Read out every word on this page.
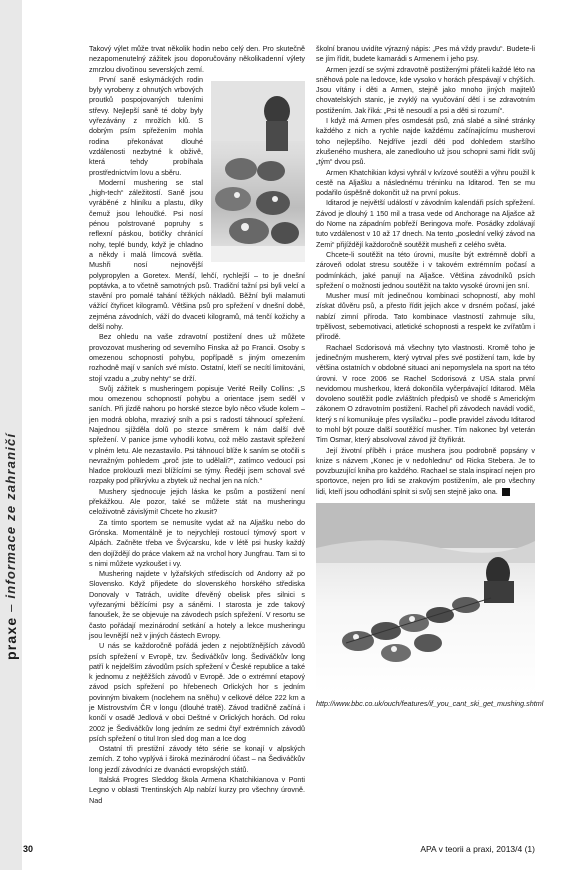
praxe – informace ze zahraničí

Takový výlet může trvat několik hodin nebo celý den. Pro skutečně nezapomenutelný zážitek jsou doporučovány několikadenní výlety zmrzlou divočinou severských zemí.

První saně eskymáckých rodin byly vyrobeny z ohnutých vrbových proutků pospojovaných tuleními střevy. Nejlepší saně té doby byly vyřezávány z mrožích klů. S dobrým psím spřežením mohla rodina překonávat dlouhé vzdálenosti nezbytné k obživě, která tehdy probíhala prostřednictvím lovu a sběru.

Moderní mushering se stal „high-tech“ záležitostí. Saně jsou vyráběné z hliníku a plastu, díky čemuž jsou lehoučké. Psi nosí pénou polstrované popruhy s reflexní páskou, botičky chránící nohy, teplé bundy, když je chladno a někdy i malá límcová světla. Mushři nosí nejnovější polypropylen a Goretex. Menší, lehčí, rychlejší – to je dnešní poptávka, a to včetně samotných psů. Tradiční tažní psi byli velcí a stavění pro pomalé tahání těžkých nákladů. Běžní byli malamuti vážící čtyřicet kilogramů. Většina psů pro spřežení v dnešní době, zejména závodních, váží do dvaceti kilogramů, má tenčí kožichy a delší nohy.

Bez ohledu na vaše zdravotní postižení dnes už můžete provozovat mushering od severního Finska až po Francii. Osoby s omezenou schopností pohybu, popřípadě s jiným omezením rozhodně mají v saních své místo. Ostatní, kteří se necítí limitováni, stojí vzadu a „zuby nehty“ se drží.

Svůj zážitek s musheringem popisuje Verité Reilly Collins: „S mou omezenou schopností pohybu a orientace jsem seděl v saních. Při jízdě nahoru po horské stezce bylo něco všude kolem – jen modrá obloha, mrazivý sníh a psi s radostí táhnoucí spřežení. Najednou sjížděla dolů po stezce směrem k nám další dvě spřežení. V panice jsme vyhodili kotvu, což mělo zastavit spřežení v plném letu. Ale nezastavilo. Psi táhnoucí blíže k saním se otočili s nevražným pohledem „proč jste to udělali?“, zatímco vedoucí psi hladce proklouzli mezi blížícími se týmy. Řeději jsem schoval své rozpaky pod přikrývku a zbytek už nechal jen na ních.“

Mushery sjednocuje jejich láska ke psům a postižení není překážkou. Ale pozor, také se můžete stát na musheringu celoživotně závislými! Chcete ho zkusit?

Za tímto sportem se nemusíte vydat až na Aljašku nebo do Grónska. Momentálně je to nejrychleji rostoucí týmový sport v Alpách. Začněte třeba ve Švýcarsku, kde v létě psi husky každý den dojíždějí do práce vlakem až na vrchol hory Jungfrau. Tam si to s nimi můžete vyzkoušet i vy.

Mushering najdete v lyžařských střediscích od Andorry až po Slovensko. Když přijedete do slovenského horského střediska Donovaly v Tatrách, uvidíte dřevěný obelisk přes silnici s vyřezanými běžícími psy a sáněmi. I starosta je zde takový fanoušek, že se objevuje na závodech psích spřežení. V resortu se často pořádají mezinárodní setkání a hotely a lekce musheringu jsou levnější než v jiných částech Evropy.

U nás se každoročně pořádá jeden z nejobtížnějších závodů psích spřežení v Evropě, tzv. Šediváčkův long. Šediváčkův long patří k nejdelším závodům psích spřežení v České republice a také k jednomu z nejtěžších závodů v Evropě. Jde o extrémní etapový závod psích spřežení po hřebenech Orlických hor s jedním povinným bivakem (noclehem na sněhu) v celkové délce 222 km a je Mistrovstvím ČR v longu (dlouhé tratě). Závod tradičně začíná i končí v osadě Jedlová v obci Deštné v Orlických horách. Od roku 2002 je Šediváčkův long jedním ze sedmi čtyř extrémních závodů psích spřežení o titul Iron sled dog man a Ice dog

Ostatní tři prestižní závody této série se konají v alpských zemích. Z toho vyplývá i široká mezinárodní účast – na Šediváčkův long jezdí závodníci ze dvanácti evropských států.

Italská Progres Sleddog škola Armena Khatchikianova v Ponti Legno v oblasti Trentinských Alp nabízí kurzy pro všechny úrovně. Nad

školní branou uvidíte výrazný nápis: „Pes má vždy pravdu“. Budete-li se jím řídit, budete kamarádi s Armenem i jeho psy.

Armen jezdí se svými zdravotně postiženými přáteli každé léto na sněhová pole na ledovce, kde vysoko v horách přespávají v chýších. Jsou vítány i děti a Armen, stejně jako mnoho jiných majitelů chovatelských stanic, je zvyklý na vyučování dětí i se zdravotním postižením. Jak říká: „Psi tě nesoudí a psi a děti si rozumí“.

I když má Armen přes osmdesát psů, zná slabé a silné stránky každého z nich a rychle najde každému začínajícímu musherovi toho nejlepšího. Nejdříve jezdí děti pod dohledem staršího zkušeného mushera, ale zanedlouho už jsou schopni sami řídit svůj „tým“ dvou psů.

Armen Khatchikian kdysi vyhrál v kvízové soutěži a výhru použil k cestě na Aljašku a následnému tréninku na Iditarod. Ten se mu podařilo úspěšně dokončit už na první pokus.

Iditarod je největší událostí v závodním kalendáři psích spřežení. Závod je dlouhý 1 150 mil a trasa vede od Anchorage na Aljašce až do Nome na západním pobřeží Beringova moře. Posádky zdolávají tuto vzdálenost v 10 až 17 dnech. Na tento „poslední velký závod na Zemi“ přijíždějí každoročně soutěžit musheři z celého světa.

Chcete-li soutěžit na této úrovni, musíte být extrémně dobří a zároveň odolat stresu soutěže i v takovém extrémním počasí a podmínkách, jaké panují na Aljašce. Většina závodníků psích spřežení o možnosti jednou soutěžit na takto vysoké úrovni jen sní.

Musher musí mít jedinečnou kombinaci schopností, aby mohl získat důvěru psů, a přesto řídit jejich akce v drsném počasí, jaké nabízí zimní příroda. Tato kombinace vlastností zahrnuje sílu, trpělivost, sebemotivaci, atletické schopnosti a respekt ke zvířatům i přírodě.

Rachael Scdorisová má všechny tyto vlastnosti. Kromě toho je jedinečným musherem, který vytrval přes své postižení tam, kde by většina ostatních v obdobné situaci ani nepomyslela na sport na této úrovni. V roce 2006 se Rachel Scdorisová z USA stala první nevidomou musherkou, která dokončila vyčerpávající Iditarod. Měla dovoleno soutěžit podle zvláštních předpisů ve shodě s Americkým zákonem O zdravotním postižení. Rachel při závodech navádí vodič, který s ní komunikuje přes vysílačku – podle pravidel závodu Iditarod to mohl být pouze další soutěžící musher. Tím nakonec byl veterán Tim Osmar, který absolvoval závod již čtyřikrát.

Její životní příběh i práce mushera jsou podrobně popsány v knize s názvem „Konec je v nedohlednu“ od Ricka Stebera. Je to povzbuzující kniha pro každého. Rachael se stala inspirací nejen pro sportovce, nejen pro lidi se zrakovým postižením, ale pro všechny lidi, kteří jsou odhodláni splnit si svůj sen stejně jako ona.

http://www.bbc.co.uk/ouch/features/if_you_cant_ski_get_mushing.shtml
30	APA v teorii a praxi, 2013/4 (1)
